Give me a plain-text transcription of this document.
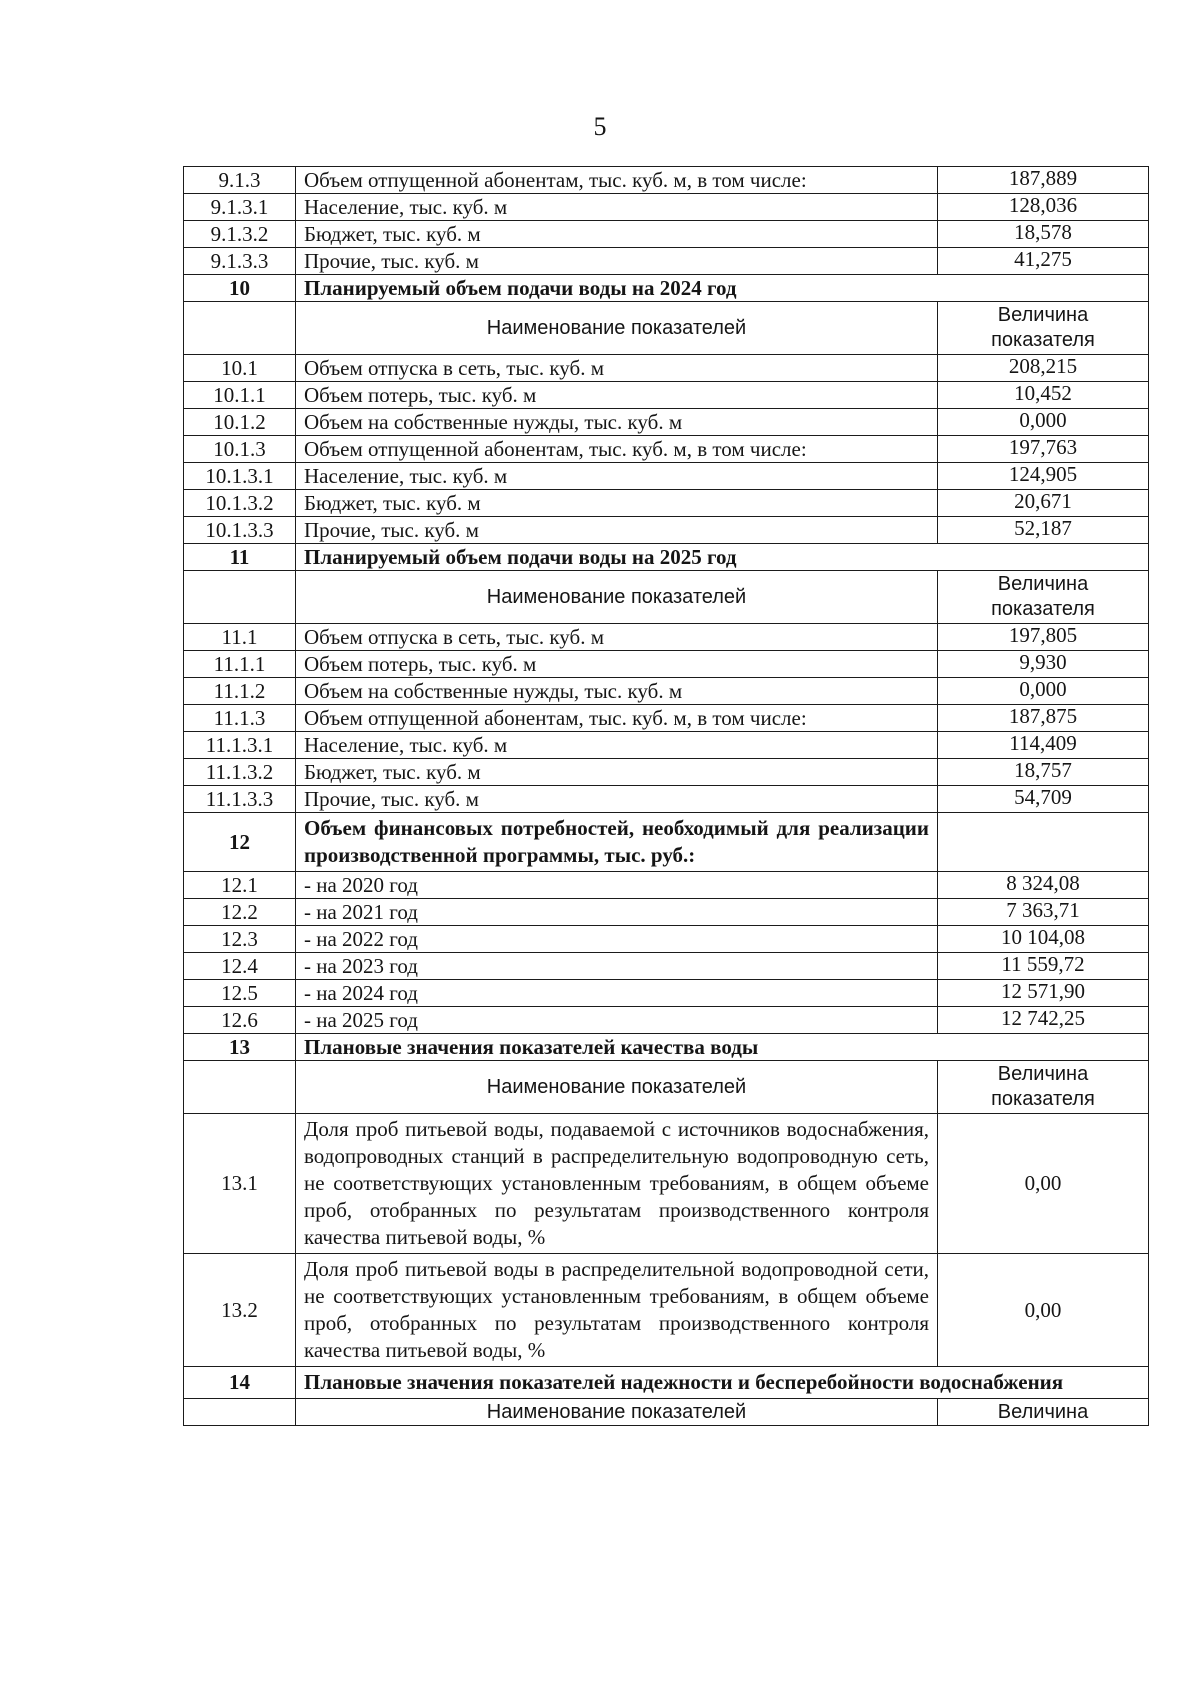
5
9.1.3	Объем отпущенной абонентам, тыс. куб. м, в том числе:	187,889
9.1.3.1	Население, тыс. куб. м	128,036
9.1.3.2	Бюджет, тыс. куб. м	18,578
9.1.3.3	Прочие, тыс. куб. м	41,275
10	Планируемый объем подачи воды на 2024 год	
	Наименование показателей	Величина показателя
10.1	Объем отпуска в сеть, тыс. куб. м	208,215
10.1.1	Объем потерь, тыс. куб. м	10,452
10.1.2	Объем на собственные нужды, тыс. куб. м	0,000
10.1.3	Объем отпущенной абонентам, тыс. куб. м, в том числе:	197,763
10.1.3.1	Население, тыс. куб. м	124,905
10.1.3.2	Бюджет, тыс. куб. м	20,671
10.1.3.3	Прочие, тыс. куб. м	52,187
11	Планируемый объем подачи воды на 2025 год	
	Наименование показателей	Величина показателя
11.1	Объем отпуска в сеть, тыс. куб. м	197,805
11.1.1	Объем потерь, тыс. куб. м	9,930
11.1.2	Объем на собственные нужды, тыс. куб. м	0,000
11.1.3	Объем отпущенной абонентам, тыс. куб. м, в том числе:	187,875
11.1.3.1	Население, тыс. куб. м	114,409
11.1.3.2	Бюджет, тыс. куб. м	18,757
11.1.3.3	Прочие, тыс. куб. м	54,709
12	Объем финансовых потребностей, необходимый для реализации производственной программы, тыс. руб.:	
12.1	- на 2020 год	8 324,08
12.2	- на 2021 год	7 363,71
12.3	- на 2022 год	10 104,08
12.4	- на 2023 год	11 559,72
12.5	- на 2024 год	12 571,90
12.6	- на 2025 год	12 742,25
13	Плановые значения показателей качества воды	
	Наименование показателей	Величина показателя
13.1	Доля проб питьевой воды, подаваемой с источников водоснабжения, водопроводных станций в распределительную водопроводную сеть, не соответствующих установленным требованиям, в общем объеме проб, отобранных по результатам производственного контроля качества питьевой воды, %	0,00
13.2	Доля проб питьевой воды в распределительной водопроводной сети, не соответствующих установленным требованиям, в общем объеме проб, отобранных по результатам производственного контроля качества питьевой воды, %	0,00
14	Плановые значения показателей надежности и бесперебойности водоснабжения	
	Наименование показателей	Величина
